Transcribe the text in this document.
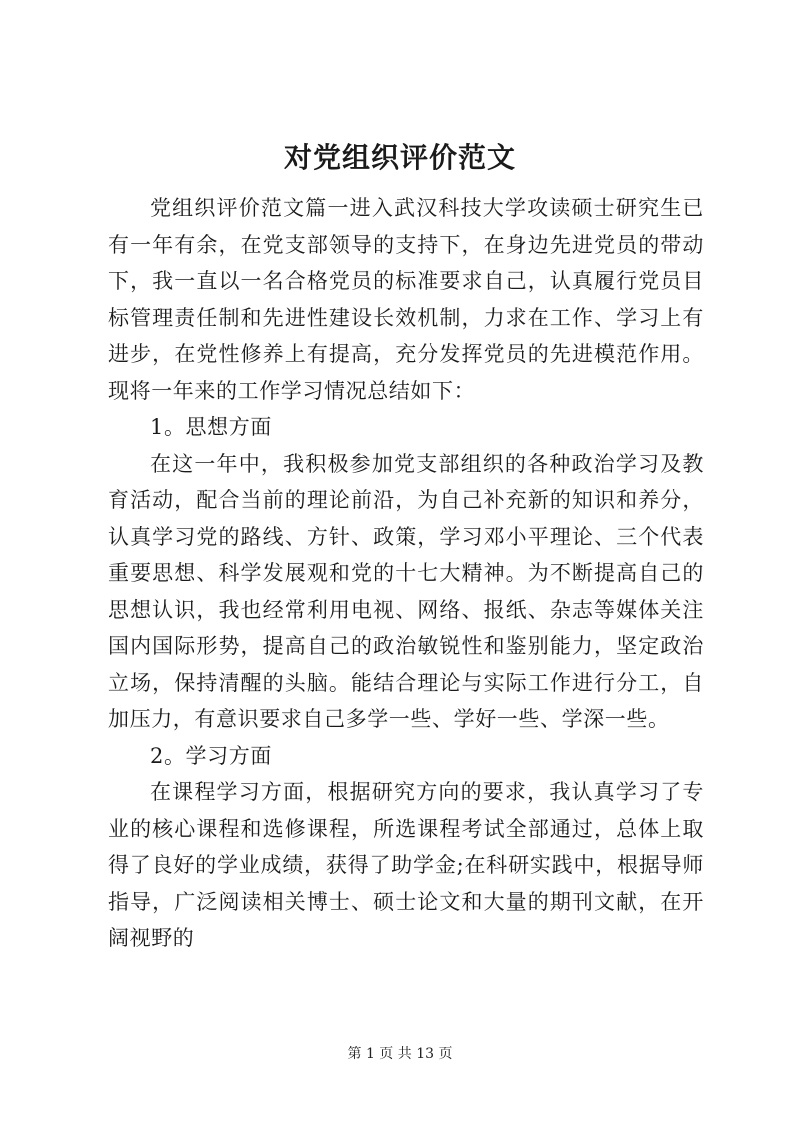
对党组织评价范文

党组织评价范文篇一进入武汉科技大学攻读硕士研究生已有一年有余，在党支部领导的支持下，在身边先进党员的带动下，我一直以一名合格党员的标准要求自己，认真履行党员目标管理责任制和先进性建设长效机制，力求在工作、学习上有进步，在党性修养上有提高，充分发挥党员的先进模范作用。现将一年来的工作学习情况总结如下：

1。思想方面

在这一年中，我积极参加党支部组织的各种政治学习及教育活动，配合当前的理论前沿，为自己补充新的知识和养分，认真学习党的路线、方针、政策，学习邓小平理论、三个代表重要思想、科学发展观和党的十七大精神。为不断提高自己的思想认识，我也经常利用电视、网络、报纸、杂志等媒体关注国内国际形势，提高自己的政治敏锐性和鉴别能力，坚定政治立场，保持清醒的头脑。能结合理论与实际工作进行分工，自加压力，有意识要求自己多学一些、学好一些、学深一些。

2。学习方面

在课程学习方面，根据研究方向的要求，我认真学习了专业的核心课程和选修课程，所选课程考试全部通过，总体上取得了良好的学业成绩，获得了助学金;在科研实践中，根据导师指导，广泛阅读相关博士、硕士论文和大量的期刊文献，在开阔视野的

第 1 页 共 13 页
